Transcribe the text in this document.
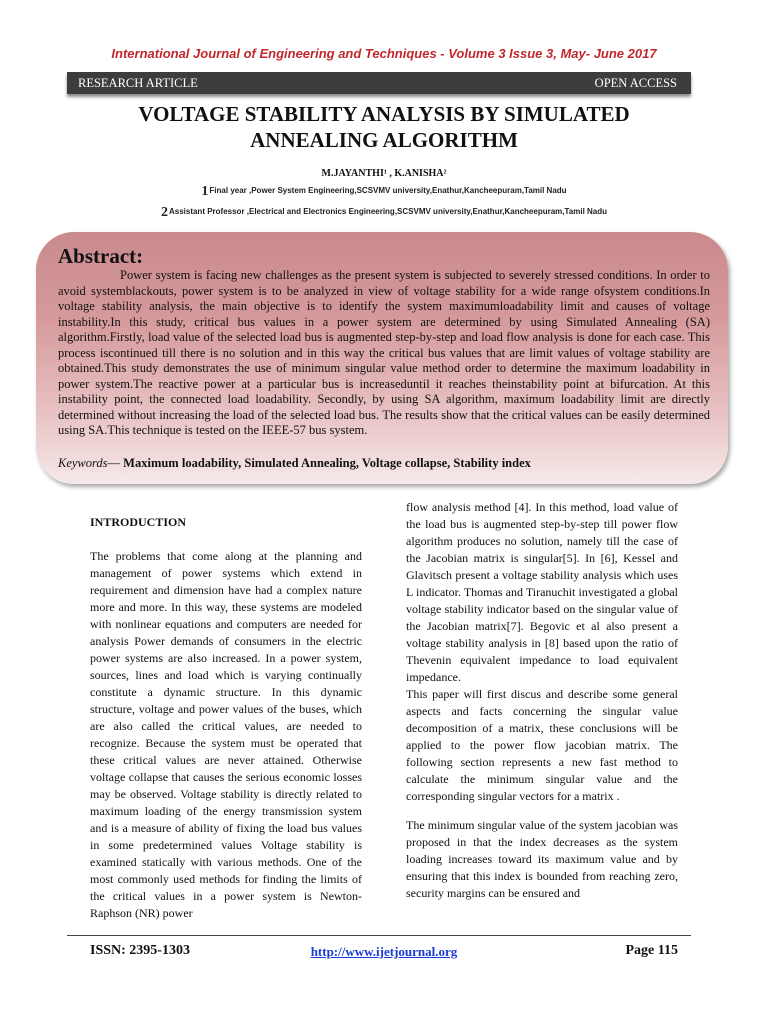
International Journal of Engineering and Techniques - Volume 3 Issue 3, May- June 2017
RESEARCH ARTICLE	OPEN ACCESS
VOLTAGE STABILITY ANALYSIS BY SIMULATED
ANNEALING ALGORITHM
M.JAYANTHI¹ , K.ANISHA²
$^1$Final year ,Power System Engineering,SCSVMV university,Enathur,Kancheepuram,Tamil Nadu
$^2$Assistant Professor ,Electrical and Electronics Engineering,SCSVMV university,Enathur,Kancheepuram,Tamil Nadu
Abstract:
Power system is facing new challenges as the present system is subjected to severely stressed conditions. In order to avoid systemblackouts, power system is to be analyzed in view of voltage stability for a wide range ofsystem conditions.In voltage stability analysis, the main objective is to identify the system maximumloadability limit and causes of voltage instability.In this study, critical bus values in a power system are determined by using Simulated Annealing (SA) algorithm.Firstly, load value of the selected load bus is augmented step-by-step and load flow analysis is done for each case. This process iscontinued till there is no solution and in this way the critical bus values that are limit values of voltage stability are obtained.This study demonstrates the use of minimum singular value method order to determine the maximum loadability in power system.The reactive power at a particular bus is increaseduntil it reaches theinstability point at bifurcation. At this instability point, the connected load loadability. Secondly, by using SA algorithm, maximum loadability limit are directly determined without increasing the load of the selected load bus. The results show that the critical values can be easily determined using SA.This technique is tested on the IEEE-57 bus system.
Keywords— Maximum loadability, Simulated Annealing, Voltage collapse, Stability index
INTRODUCTION

The problems that come along at the planning and management of power systems which extend in requirement and dimension have had a complex nature more and more. In this way, these systems are modeled with nonlinear equations and computers are needed for analysis Power demands of consumers in the electric power systems are also increased. In a power system, sources, lines and load which is varying continually constitute a dynamic structure. In this dynamic structure, voltage and power values of the buses, which are also called the critical values, are needed to recognize. Because the system must be operated that these critical values are never attained. Otherwise voltage collapse that causes the serious economic losses may be observed. Voltage stability is directly related to maximum loading of the energy transmission system and is a measure of ability of fixing the load bus values in some predetermined values Voltage stability is examined statically with various methods. One of the most commonly used methods for finding the limits of the critical values in a power system is Newton- Raphson (NR) power

flow analysis method [4]. In this method, load value of the load bus is augmented step-by-step till power flow algorithm produces no solution, namely till the case of the Jacobian matrix is singular[5]. In [6], Kessel and Glavitsch present a voltage stability analysis which uses L indicator. Thomas and Tiranuchit investigated a global voltage stability indicator based on the singular value of the Jacobian matrix[7]. Begovic et al also present a voltage stability analysis in [8] based upon the ratio of Thevenin equivalent impedance to load equivalent impedance.

This paper will first discus and describe some general aspects and facts concerning the singular value decomposition of a matrix, these conclusions will be applied to the power flow jacobian matrix. The following section represents a new fast method to calculate the minimum singular value and the corresponding singular vectors for a matrix .

The minimum singular value of the system jacobian was proposed in that the index decreases as the system loading increases toward its maximum value and by ensuring that this index is bounded from reaching zero, security margins can be ensured and

ISSN: 2395-1303	http://www.ijetjournal.org	Page 115
